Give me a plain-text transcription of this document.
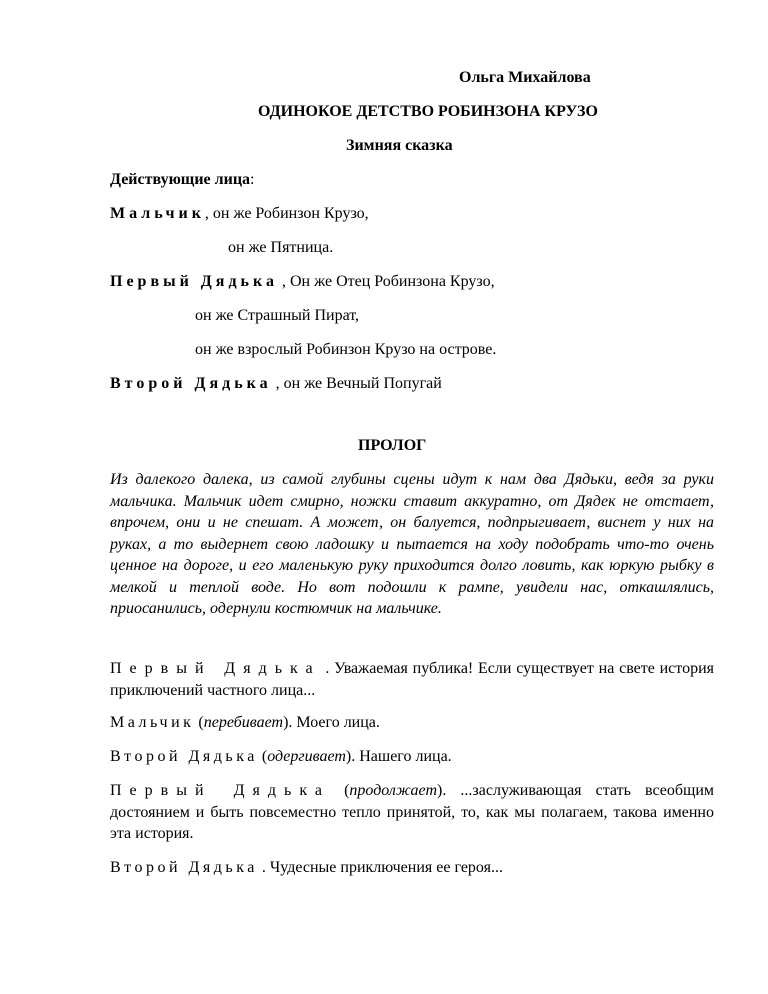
Ольга Михайлова
ОДИНОКОЕ ДЕТСТВО РОБИНЗОНА КРУЗО
Зимняя сказка
Действующие лица:
Мальчик, он же Робинзон Крузо,
он же Пятница.
Первый Дядька , Он же Отец Робинзона Крузо,
он же Страшный Пират,
он же взрослый Робинзон Крузо на острове.
Второй Дядька , он же Вечный Попугай
ПРОЛОГ
Из далекого далека, из самой глубины сцены идут к нам два Дядьки, ведя за руки мальчика. Мальчик идет смирно, ножки ставит аккуратно, от Дядек не отстает, впрочем, они и не спешат. А может, он балуется, подпрыгивает, виснет у них на руках, а то выдернет свою ладошку и пытается на ходу подобрать что-то очень ценное на дороге, и его маленькую руку приходится долго ловить, как юркую рыбку в мелкой и теплой воде. Но вот подошли к рампе, увидели нас, откашлялись, приосанились, одернули костюмчик на мальчике.
Первый Дядька . Уважаемая публика! Если существует на свете история приключений частного лица...
Мальчик (перебивает). Моего лица.
Второй Дядька (одергивает). Нашего лица.
Первый Дядька (продолжает). ...заслуживающая стать всеобщим достоянием и быть повсеместно тепло принятой, то, как мы полагаем, такова именно эта история.
Второй Дядька . Чудесные приключения ее героя...
